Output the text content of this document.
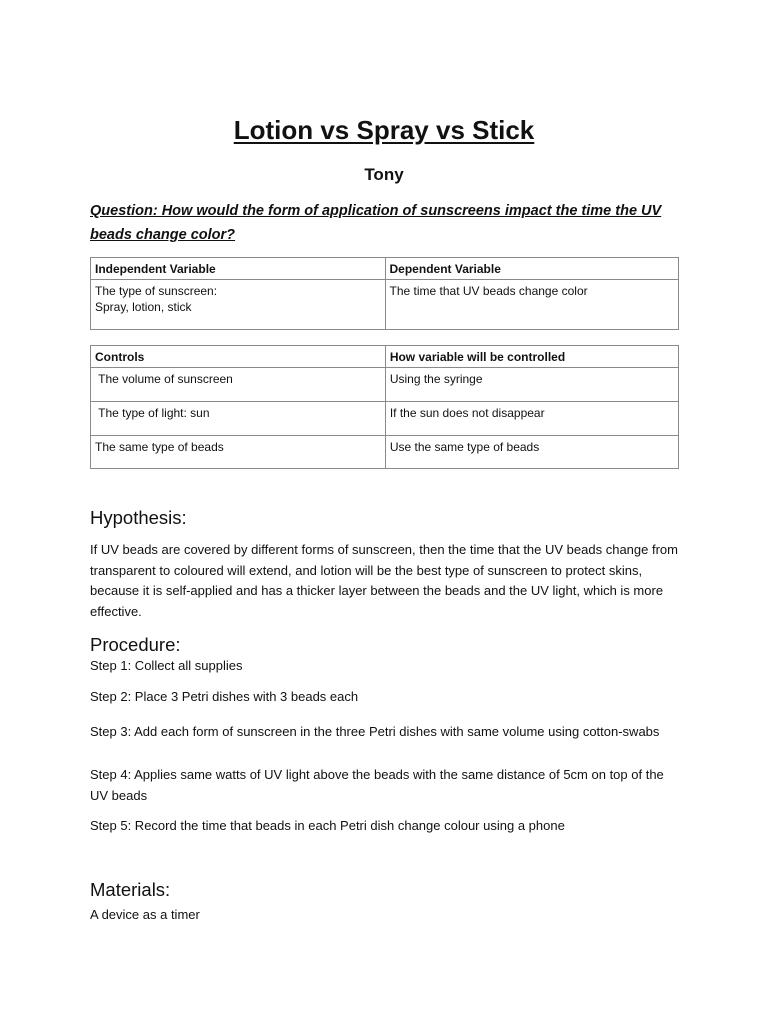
Lotion vs Spray vs Stick
Tony
Question: How would the form of application of sunscreens impact the time the UV beads change color?
Independent Variable	Dependent Variable

The type of sunscreen:
Spray, lotion, stick	The time that UV beads change color
Controls	How variable will be controlled
The volume of sunscreen	Using the syringe
The type of light: sun	If the sun does not disappear
The same type of beads	Use the same type of beads
Hypothesis:
If UV beads are covered by different forms of sunscreen, then the time that the UV beads change from transparent to coloured will extend, and lotion will be the best type of sunscreen to protect skins, because it is self-applied and has a thicker layer between the beads and the UV light, which is more effective.
Procedure:
Step 1: Collect all supplies
Step 2: Place 3 Petri dishes with 3 beads each
Step 3: Add each form of sunscreen in the three Petri dishes with same volume using cotton-swabs
Step 4: Applies same watts of UV light above the beads with the same distance of 5cm on top of the UV beads
Step 5: Record the time that beads in each Petri dish change colour using a phone
Materials:
A device as a timer
